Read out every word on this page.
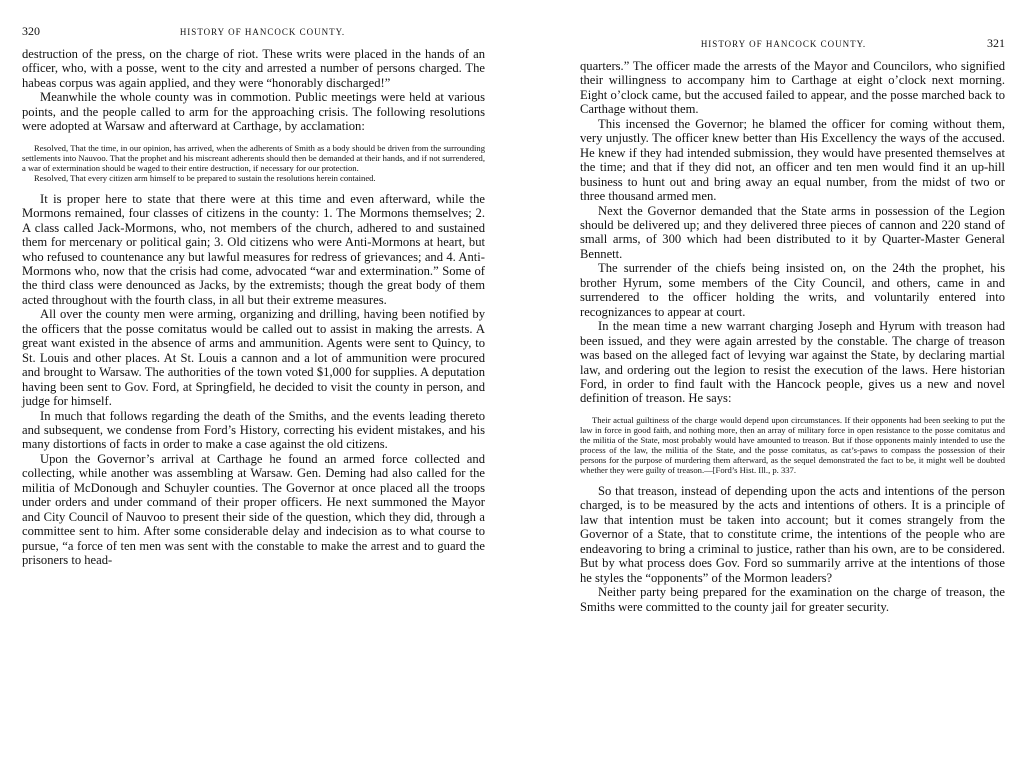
320	HISTORY OF HANCOCK COUNTY.

destruction of the press, on the charge of riot. These writs were placed in the hands of an officer, who, with a posse, went to the city and arrested a number of persons charged. The habeas corpus was again applied, and they were “honorably discharged!”

Meanwhile the whole county was in commotion. Public meetings were held at various points, and the people called to arm for the approaching crisis. The following resolutions were adopted at Warsaw and afterward at Carthage, by acclamation:

Resolved, That the time, in our opinion, has arrived, when the adherents of Smith as a body should be driven from the surrounding settlements into Nauvoo. That the prophet and his miscreant adherents should then be demanded at their hands, and if not surrendered, a war of extermination should be waged to their entire destruction, if necessary for our protection.

Resolved, That every citizen arm himself to be prepared to sustain the resolutions herein contained.

It is proper here to state that there were at this time and even afterward, while the Mormons remained, four classes of citizens in the county: 1. The Mormons themselves; 2. A class called Jack-Mormons, who, not members of the church, adhered to and sustained them for mercenary or political gain; 3. Old citizens who were Anti-Mormons at heart, but who refused to countenance any but lawful measures for redress of grievances; and 4. Anti-Mormons who, now that the crisis had come, advocated “war and extermination.” Some of the third class were denounced as Jacks, by the extremists; though the great body of them acted throughout with the fourth class, in all but their extreme measures.

All over the county men were arming, organizing and drilling, having been notified by the officers that the posse comitatus would be called out to assist in making the arrests. A great want existed in the absence of arms and ammunition. Agents were sent to Quincy, to St. Louis and other places. At St. Louis a cannon and a lot of ammunition were procured and brought to Warsaw. The authorities of the town voted $1,000 for supplies. A deputation having been sent to Gov. Ford, at Springfield, he decided to visit the county in person, and judge for himself.

In much that follows regarding the death of the Smiths, and the events leading thereto and subsequent, we condense from Ford’s History, correcting his evident mistakes, and his many distortions of facts in order to make a case against the old citizens.

Upon the Governor’s arrival at Carthage he found an armed force collected and collecting, while another was assembling at Warsaw. Gen. Deming had also called for the militia of McDonough and Schuyler counties. The Governor at once placed all the troops under orders and under command of their proper officers. He next summoned the Mayor and City Council of Nauvoo to present their side of the question, which they did, through a committee sent to him. After some considerable delay and indecision as to what course to pursue, “a force of ten men was sent with the constable to make the arrest and to guard the prisoners to head-

HISTORY OF HANCOCK COUNTY.	321

quarters.” The officer made the arrests of the Mayor and Councilors, who signified their willingness to accompany him to Carthage at eight o’clock next morning. Eight o’clock came, but the accused failed to appear, and the posse marched back to Carthage without them.

This incensed the Governor; he blamed the officer for coming without them, very unjustly. The officer knew better than His Excellency the ways of the accused. He knew if they had intended submission, they would have presented themselves at the time; and that if they did not, an officer and ten men would find it an up-hill business to hunt out and bring away an equal number, from the midst of two or three thousand armed men.

Next the Governor demanded that the State arms in possession of the Legion should be delivered up; and they delivered three pieces of cannon and 220 stand of small arms, of 300 which had been distributed to it by Quarter-Master General Bennett.

The surrender of the chiefs being insisted on, on the 24th the prophet, his brother Hyrum, some members of the City Council, and others, came in and surrendered to the officer holding the writs, and voluntarily entered into recognizances to appear at court.

In the mean time a new warrant charging Joseph and Hyrum with treason had been issued, and they were again arrested by the constable. The charge of treason was based on the alleged fact of levying war against the State, by declaring martial law, and ordering out the legion to resist the execution of the laws. Here historian Ford, in order to find fault with the Hancock people, gives us a new and novel definition of treason. He says:

Their actual guiltiness of the charge would depend upon circumstances. If their opponents had been seeking to put the law in force in good faith, and nothing more, then an array of military force in open resistance to the posse comitatus and the militia of the State, most probably would have amounted to treason. But if those opponents mainly intended to use the process of the law, the militia of the State, and the posse comitatus, as cat’s-paws to compass the possession of their persons for the purpose of murdering them afterward, as the sequel demonstrated the fact to be, it might well be doubted whether they were guilty of treason.—[Ford’s Hist. Ill., p. 337.

So that treason, instead of depending upon the acts and intentions of the person charged, is to be measured by the acts and intentions of others. It is a principle of law that intention must be taken into account; but it comes strangely from the Governor of a State, that to constitute crime, the intentions of the people who are endeavoring to bring a criminal to justice, rather than his own, are to be considered. But by what process does Gov. Ford so summarily arrive at the intentions of those he styles the “opponents” of the Mormon leaders?

Neither party being prepared for the examination on the charge of treason, the Smiths were committed to the county jail for greater security.
